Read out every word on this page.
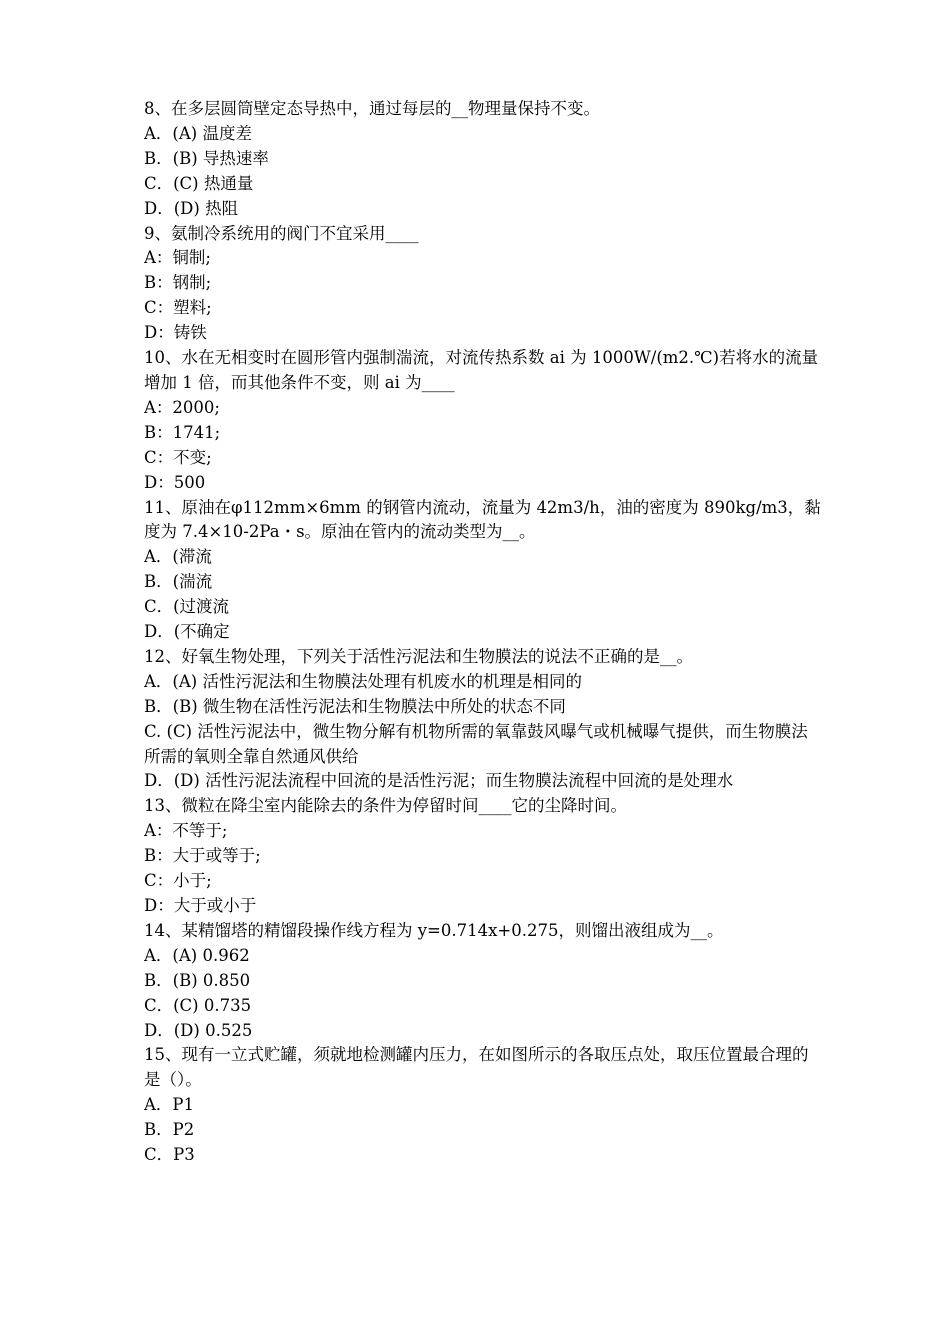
8、在多层圆筒壁定态导热中，通过每层的__物理量保持不变。
A．(A) 温度差
B．(B) 导热速率
C．(C) 热通量
D．(D) 热阻
9、氨制冷系统用的阀门不宜采用____
A：铜制;
B：钢制;
C：塑料;
D：铸铁
10、水在无相变时在圆形管内强制湍流，对流传热系数 ai 为 1000W/(m2.℃)若将水的流量增加 1 倍，而其他条件不变，则 ai 为____
A：2000;
B：1741;
C：不变;
D：500
11、原油在φ112mm×6mm 的钢管内流动，流量为 42m3/h，油的密度为 890kg/m3，黏度为 7.4×10-2Pa・s。原油在管内的流动类型为__。
A．(滞流
B．(湍流
C．(过渡流
D．(不确定
12、好氧生物处理，下列关于活性污泥法和生物膜法的说法不正确的是__。
A．(A) 活性污泥法和生物膜法处理有机废水的机理是相同的
B．(B) 微生物在活性污泥法和生物膜法中所处的状态不同
C. (C) 活性污泥法中，微生物分解有机物所需的氧靠鼓风曝气或机械曝气提供，而生物膜法所需的氧则全靠自然通风供给
D．(D) 活性污泥法流程中回流的是活性污泥；而生物膜法流程中回流的是处理水
13、微粒在降尘室内能除去的条件为停留时间____它的尘降时间。
A：不等于;
B：大于或等于;
C：小于;
D：大于或小于
14、某精馏塔的精馏段操作线方程为 y=0.714x+0.275，则馏出液组成为__。
A．(A) 0.962
B．(B) 0.850
C．(C) 0.735
D．(D) 0.525
15、现有一立式贮罐，须就地检测罐内压力，在如图所示的各取压点处，取压位置最合理的是（）。
A．P1
B．P2
C．P3
